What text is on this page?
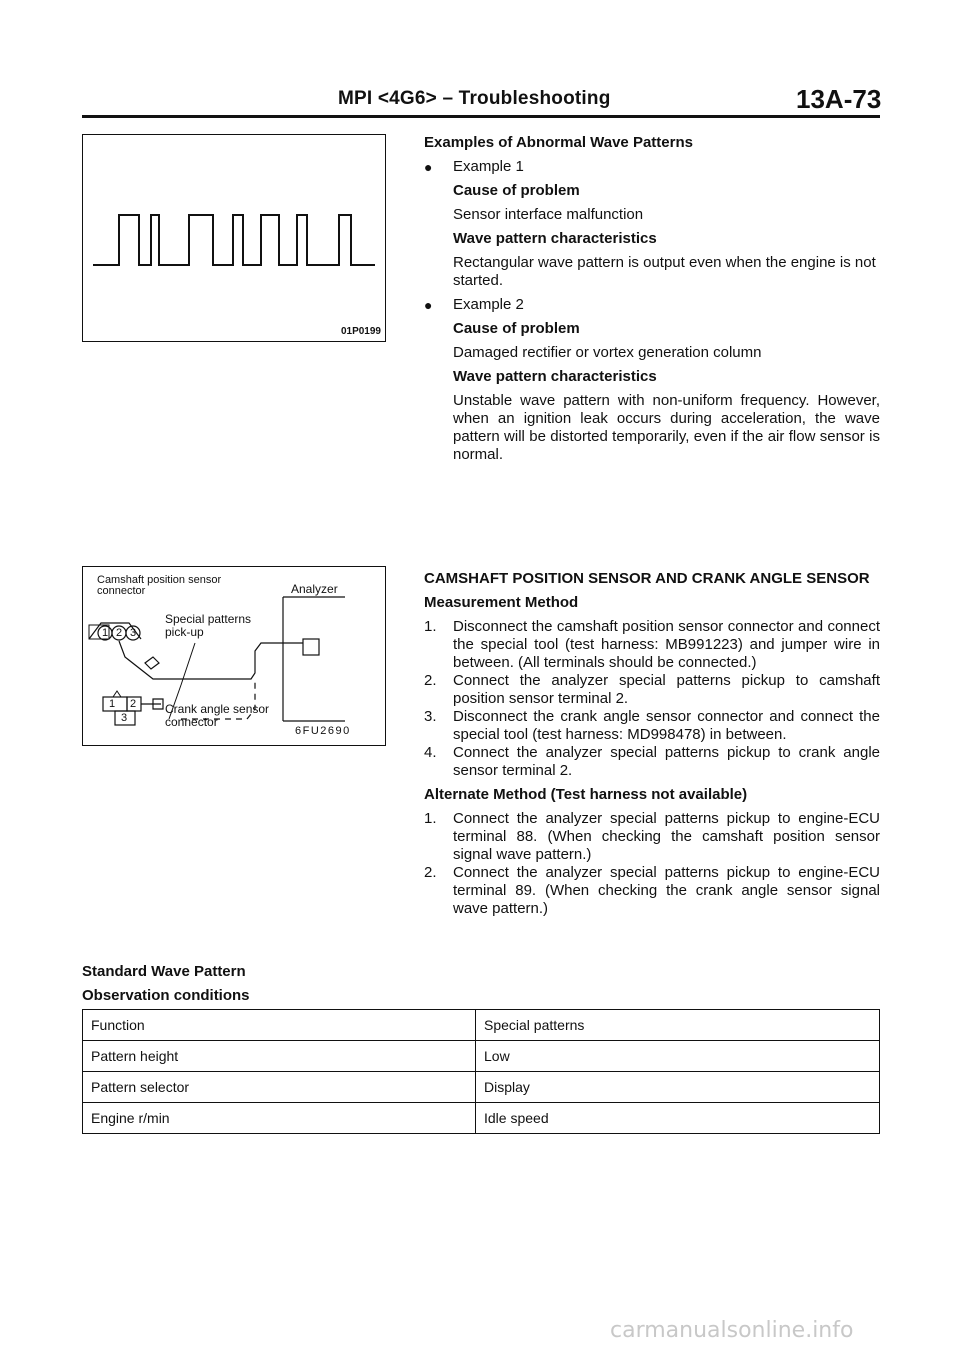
MPI <4G6> – Troubleshooting	13A-73
01P0199
Camshaft position sensor connector	Analyzer
Special patterns pick-up
1 2 3
1 2
3
Crank angle sensor connector
6FU2690
Examples of Abnormal Wave Patterns
●	Example 1
Cause of problem
Sensor interface malfunction
Wave pattern characteristics
Rectangular wave pattern is output even when the engine is not started.
●	Example 2
Cause of problem
Damaged rectifier or vortex generation column
Wave pattern characteristics
Unstable wave pattern with non-uniform frequency. However, when an ignition leak occurs during acceleration, the wave pattern will be distorted temporarily, even if the air flow sensor is normal.
CAMSHAFT POSITION SENSOR AND CRANK ANGLE SENSOR
Measurement Method
1.	Disconnect the camshaft position sensor connector and connect the special tool (test harness: MB991223) and jumper wire in between. (All terminals should be connected.)
2.	Connect the analyzer special patterns pickup to camshaft position sensor terminal 2.
3.	Disconnect the crank angle sensor connector and connect the special tool (test harness: MD998478) in between.
4.	Connect the analyzer special patterns pickup to crank angle sensor terminal 2.
Alternate Method (Test harness not available)
1.	Connect the analyzer special patterns pickup to engine-ECU terminal 88. (When checking the camshaft position sensor signal wave pattern.)
2.	Connect the analyzer special patterns pickup to engine-ECU terminal 89. (When checking the crank angle sensor signal wave pattern.)
Standard Wave Pattern
Observation conditions
Function	Special patterns
Pattern height	Low
Pattern selector	Display
Engine r/min	Idle speed
carmanualsonline.info
